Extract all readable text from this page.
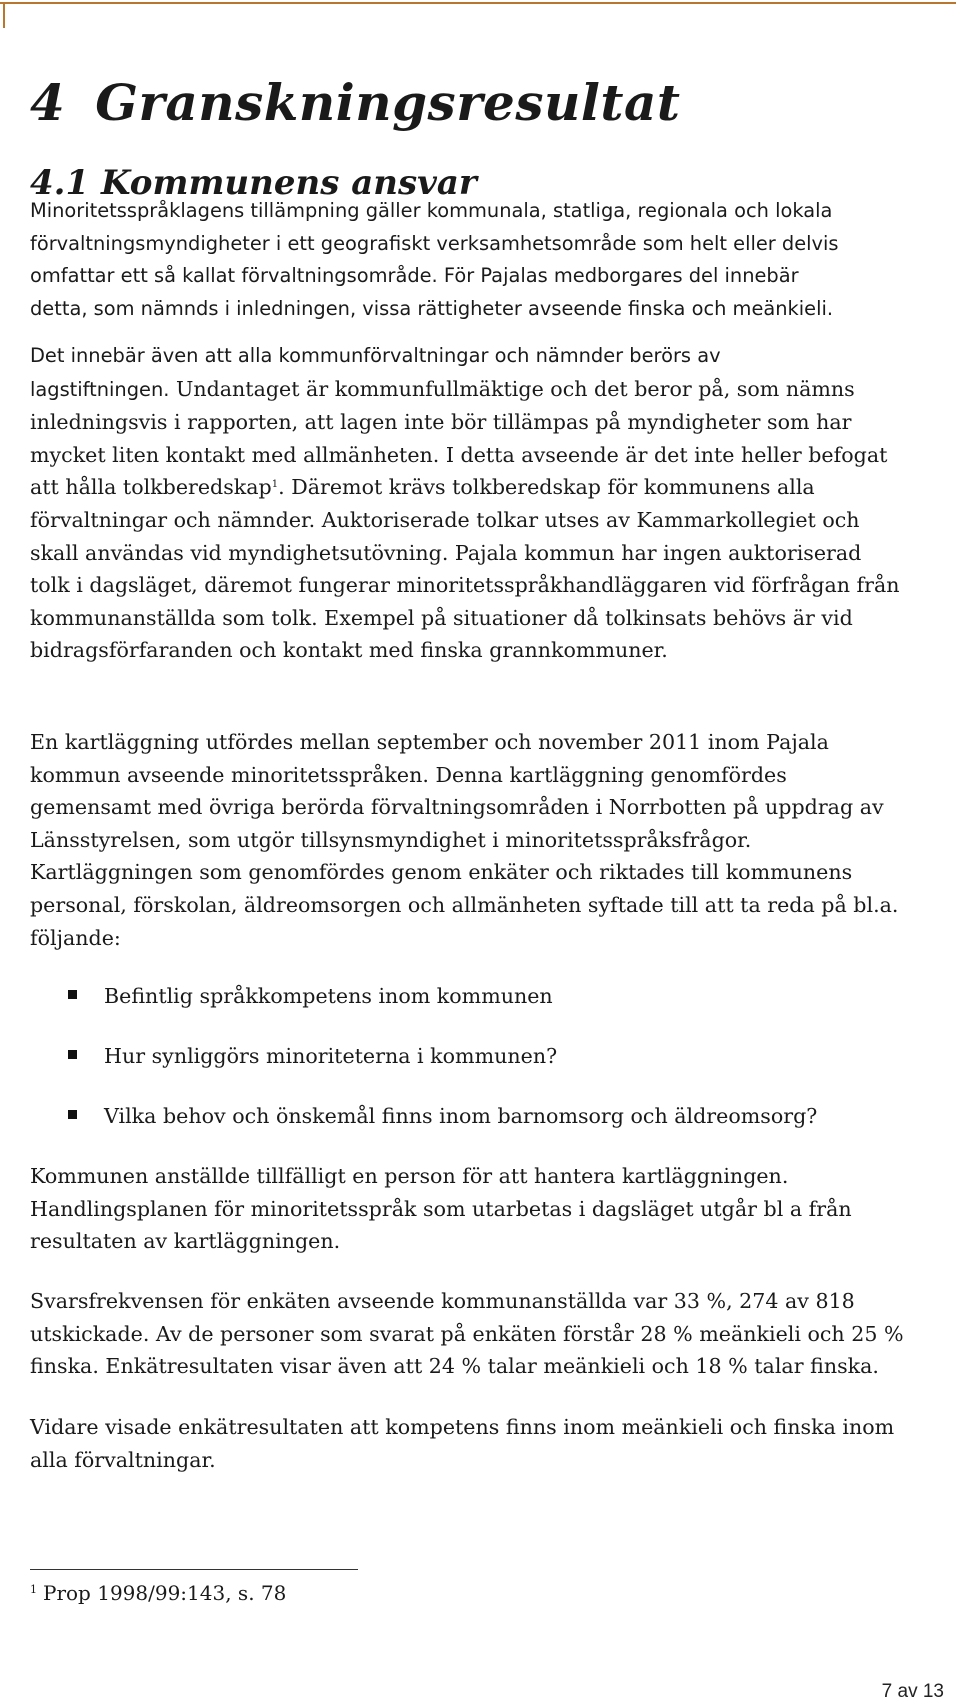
4 Granskningsresultat
4.1 Kommunens ansvar

Minoritetsspråklagens tillämpning gäller kommunala, statliga, regionala och lokala
förvaltningsmyndigheter i ett geografiskt verksamhetsområde som helt eller delvis
omfattar ett så kallat förvaltningsområde. För Pajalas medborgares del innebär
detta, som nämnds i inledningen, vissa rättigheter avseende finska och meänkieli.

Det innebär även att alla kommunförvaltningar och nämnder berörs av
lagstiftningen. Undantaget är kommunfullmäktige och det beror på, som nämns
inledningsvis i rapporten, att lagen inte bör tillämpas på myndigheter som har
mycket liten kontakt med allmänheten. I detta avseende är det inte heller befogat
att hålla tolkberedskap$^1$. Däremot krävs tolkberedskap för kommunens alla
förvaltningar och nämnder. Auktoriserade tolkar utses av Kammarkollegiet och
skall användas vid myndighetsutövning. Pajala kommun har ingen auktoriserad
tolk i dagsläget, däremot fungerar minoritetsspråkhandläggaren vid förfrågan från
kommunanställda som tolk. Exempel på situationer då tolkinsats behövs är vid
bidragsförfaranden och kontakt med finska grannkommuner.

En kartläggning utfördes mellan september och november 2011 inom Pajala
kommun avseende minoritetsspråken. Denna kartläggning genomfördes
gemensamt med övriga berörda förvaltningsområden i Norrbotten på uppdrag av
Länsstyrelsen, som utgör tillsynsmyndighet i minoritetsspråksfrågor.
Kartläggningen som genomfördes genom enkäter och riktades till kommunens
personal, förskolan, äldreomsorgen och allmänheten syftade till att ta reda på bl.a.
följande:

Befintlig språkkompetens inom kommunen
Hur synliggörs minoriteterna i kommunen?
Vilka behov och önskemål finns inom barnomsorg och äldreomsorg?

Kommunen anställde tillfälligt en person för att hantera kartläggningen.
Handlingsplanen för minoritetsspråk som utarbetas i dagsläget utgår bl a från
resultaten av kartläggningen.

Svarsfrekvensen för enkäten avseende kommunanställda var 33 %, 274 av 818
utskickade. Av de personer som svarat på enkäten förstår 28 % meänkieli och 25 %
finska. Enkätresultaten visar även att 24 % talar meänkieli och 18 % talar finska.

Vidare visade enkätresultaten att kompetens finns inom meänkieli och finska inom
alla förvaltningar.

$^1$ Prop 1998/99:143, s. 78
7 av 13
